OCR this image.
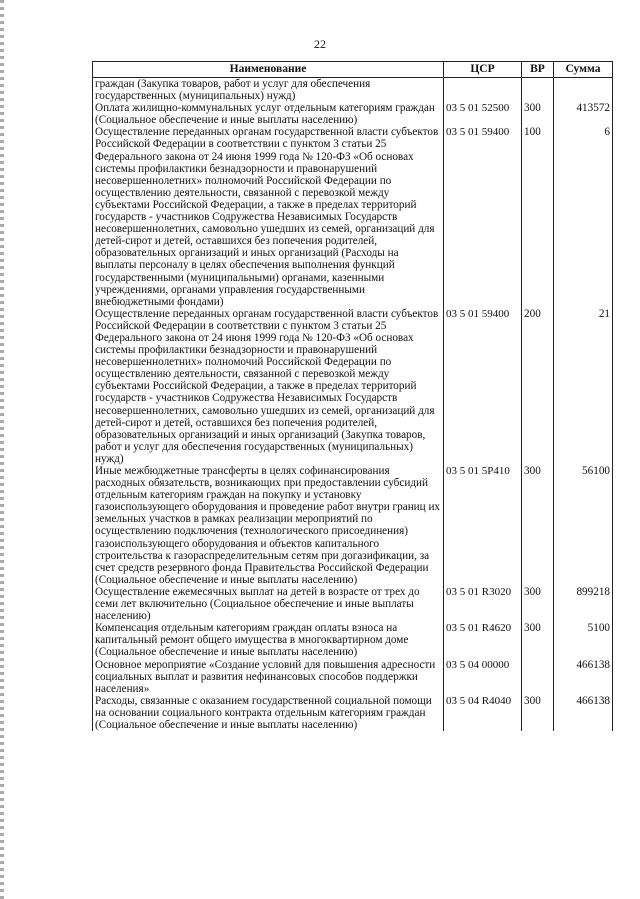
22
Наименование	ЦСР	ВР	Сумма
граждан (Закупка товаров, работ и услуг для обеспечения государственных (муниципальных) нужд)			
Оплата жилищно-коммунальных услуг отдельным категориям граждан (Социальное обеспечение и иные выплаты населению)	03 5 01 52500	300	413572
Осуществление переданных органам государственной власти субъектов Российской Федерации в соответствии с пунктом 3 статьи 25 Федерального закона от 24 июня 1999 года № 120-ФЗ «Об основах системы профилактики безнадзорности и правонарушений несовершеннолетних» полномочий Российской Федерации по осуществлению деятельности, связанной с перевозкой между субъектами Российской Федерации, а также в пределах территорий государств - участников Содружества Независимых Государств несовершеннолетних, самовольно ушедших из семей, организаций для детей-сирот и детей, оставшихся без попечения родителей, образовательных организаций и иных организаций (Расходы на выплаты персоналу в целях обеспечения выполнения функций государственными (муниципальными) органами, казенными учреждениями, органами управления государственными внебюджетными фондами)	03 5 01 59400	100	6
Осуществление переданных органам государственной власти субъектов Российской Федерации в соответствии с пунктом 3 статьи 25 Федерального закона от 24 июня 1999 года № 120-ФЗ «Об основах системы профилактики безнадзорности и правонарушений несовершеннолетних» полномочий Российской Федерации по осуществлению деятельности, связанной с перевозкой между субъектами Российской Федерации, а также в пределах территорий государств - участников Содружества Независимых Государств несовершеннолетних, самовольно ушедших из семей, организаций для детей-сирот и детей, оставшихся без попечения родителей, образовательных организаций и иных организаций (Закупка товаров, работ и услуг для обеспечения государственных (муниципальных) нужд)	03 5 01 59400	200	21
Иные межбюджетные трансферты в целях софинансирования расходных обязательств, возникающих при предоставлении субсидий отдельным категориям граждан на покупку и установку газоиспользующего оборудования и проведение работ внутри границ их земельных участков в рамках реализации мероприятий по осуществлению подключения (технологического присоединения) газоиспользующего оборудования и объектов капитального строительства к газораспределительным сетям при догазификации, за счет средств резервного фонда Правительства Российской Федерации (Социальное обеспечение и иные выплаты населению)	03 5 01 5P410	300	56100
Осуществление ежемесячных выплат на детей в возрасте от трех до семи лет включительно (Социальное обеспечение и иные выплаты населению)	03 5 01 R3020	300	899218
Компенсация отдельным категориям граждан оплаты взноса на капитальный ремонт общего имущества в многоквартирном доме (Социальное обеспечение и иные выплаты населению)	03 5 01 R4620	300	5100
Основное мероприятие «Создание условий для повышения адресности социальных выплат и развития нефинансовых способов поддержки населения»	03 5 04 00000		466138
Расходы, связанные с оказанием государственной социальной помощи на основании социального контракта отдельным категориям граждан (Социальное обеспечение и иные выплаты населению)	03 5 04 R4040	300	466138
